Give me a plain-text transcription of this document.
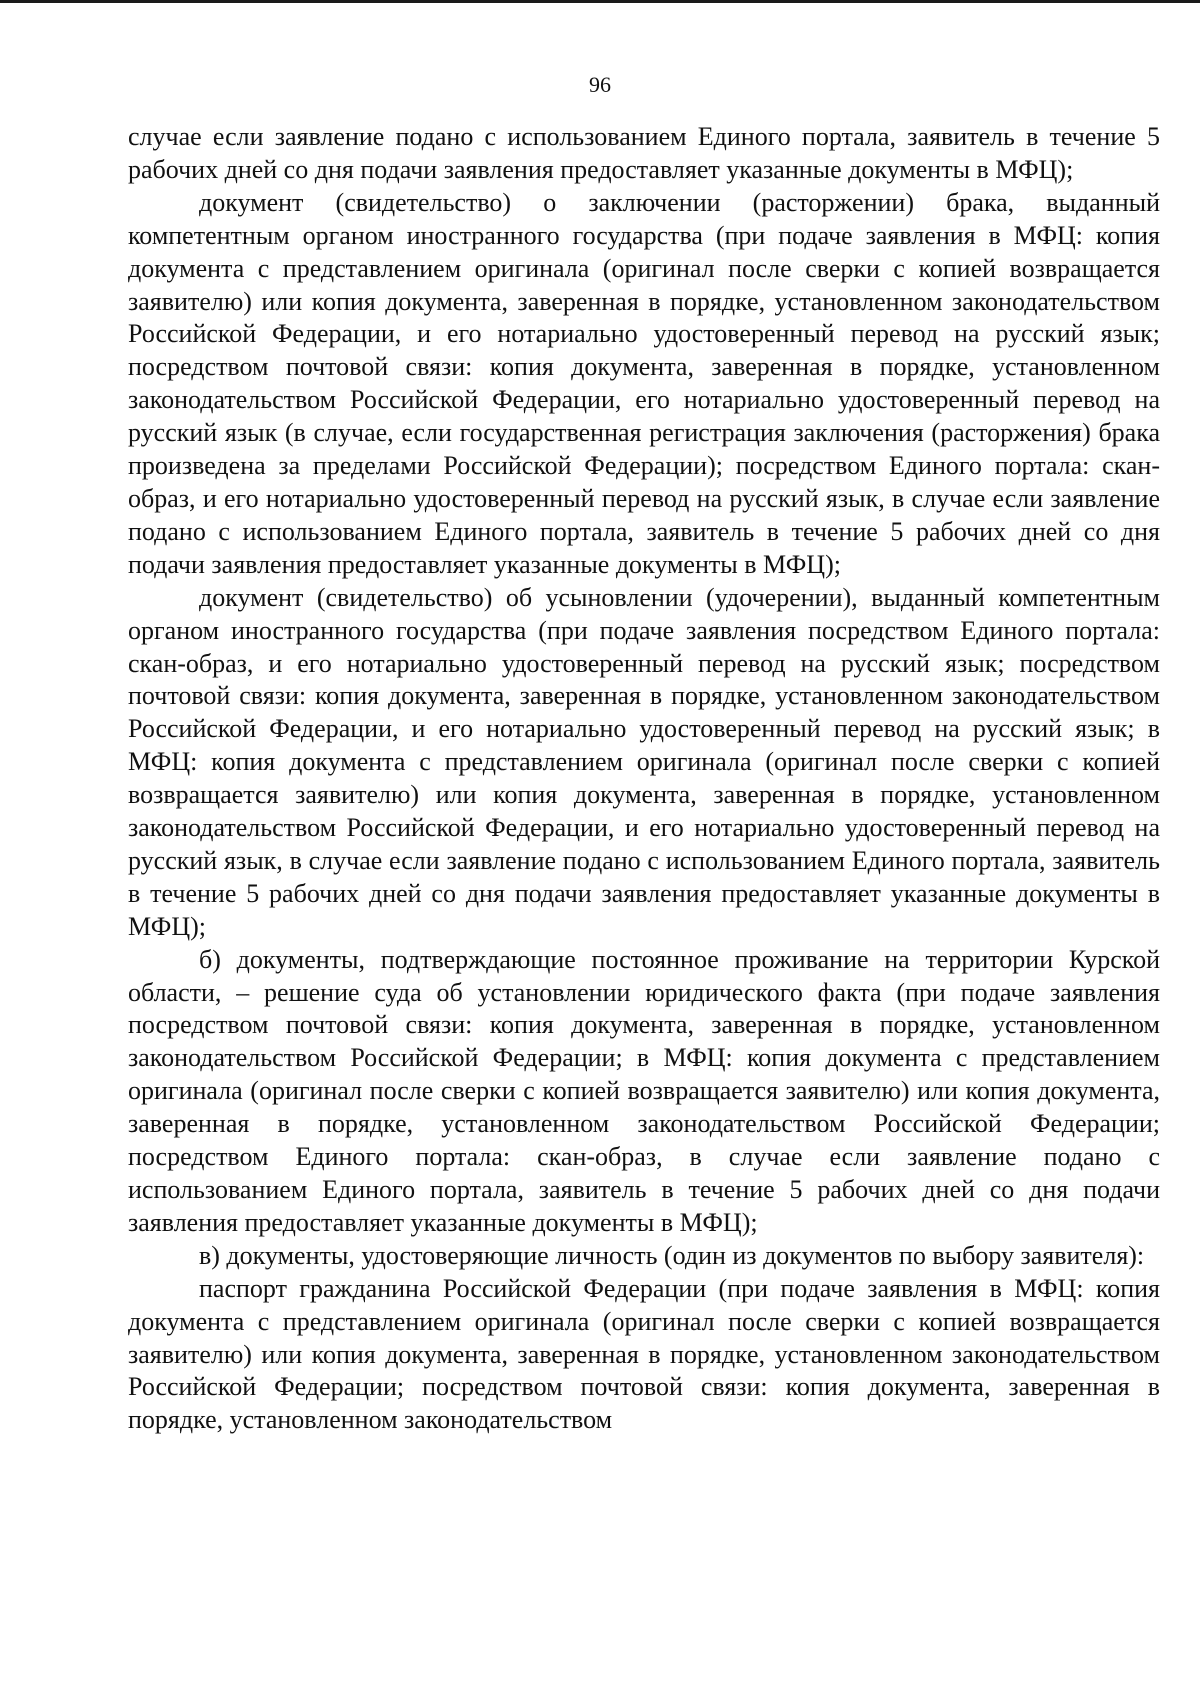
96

случае если заявление подано с использованием Единого портала, заявитель в течение 5 рабочих дней со дня подачи заявления предоставляет указанные документы в МФЦ);

документ (свидетельство) о заключении (расторжении) брака, выданный компетентным органом иностранного государства (при подаче заявления в МФЦ: копия документа с представлением оригинала (оригинал после сверки с копией возвращается заявителю) или копия документа, заверенная в порядке, установленном законодательством Российской Федерации, и его нотариально удостоверенный перевод на русский язык; посредством почтовой связи: копия документа, заверенная в порядке, установленном законодательством Российской Федерации, его нотариально удостоверенный перевод на русский язык (в случае, если государственная регистрация заключения (расторжения) брака произведена за пределами Российской Федерации); посредством Единого портала: скан-образ, и его нотариально удостоверенный перевод на русский язык, в случае если заявление подано с использованием Единого портала, заявитель в течение 5 рабочих дней со дня подачи заявления предоставляет указанные документы в МФЦ);

документ (свидетельство) об усыновлении (удочерении), выданный компетентным органом иностранного государства (при подаче заявления посредством Единого портала: скан-образ, и его нотариально удостоверенный перевод на русский язык; посредством почтовой связи: копия документа, заверенная в порядке, установленном законодательством Российской Федерации, и его нотариально удостоверенный перевод на русский язык; в МФЦ: копия документа с представлением оригинала (оригинал после сверки с копией возвращается заявителю) или копия документа, заверенная в порядке, установленном законодательством Российской Федерации, и его нотариально удостоверенный перевод на русский язык, в случае если заявление подано с использованием Единого портала, заявитель в течение 5 рабочих дней со дня подачи заявления предоставляет указанные документы в МФЦ);

б) документы, подтверждающие постоянное проживание на территории Курской области, – решение суда об установлении юридического факта (при подаче заявления посредством почтовой связи: копия документа, заверенная в порядке, установленном законодательством Российской Федерации; в МФЦ: копия документа с представлением оригинала (оригинал после сверки с копией возвращается заявителю) или копия документа, заверенная в порядке, установленном законодательством Российской Федерации; посредством Единого портала: скан-образ, в случае если заявление подано с использованием Единого портала, заявитель в течение 5 рабочих дней со дня подачи заявления предоставляет указанные документы в МФЦ);

в) документы, удостоверяющие личность (один из документов по выбору заявителя):

паспорт гражданина Российской Федерации (при подаче заявления в МФЦ: копия документа с представлением оригинала (оригинал после сверки с копией возвращается заявителю) или копия документа, заверенная в порядке, установленном законодательством Российской Федерации; посредством почтовой связи: копия документа, заверенная в порядке, установленном законодательством
